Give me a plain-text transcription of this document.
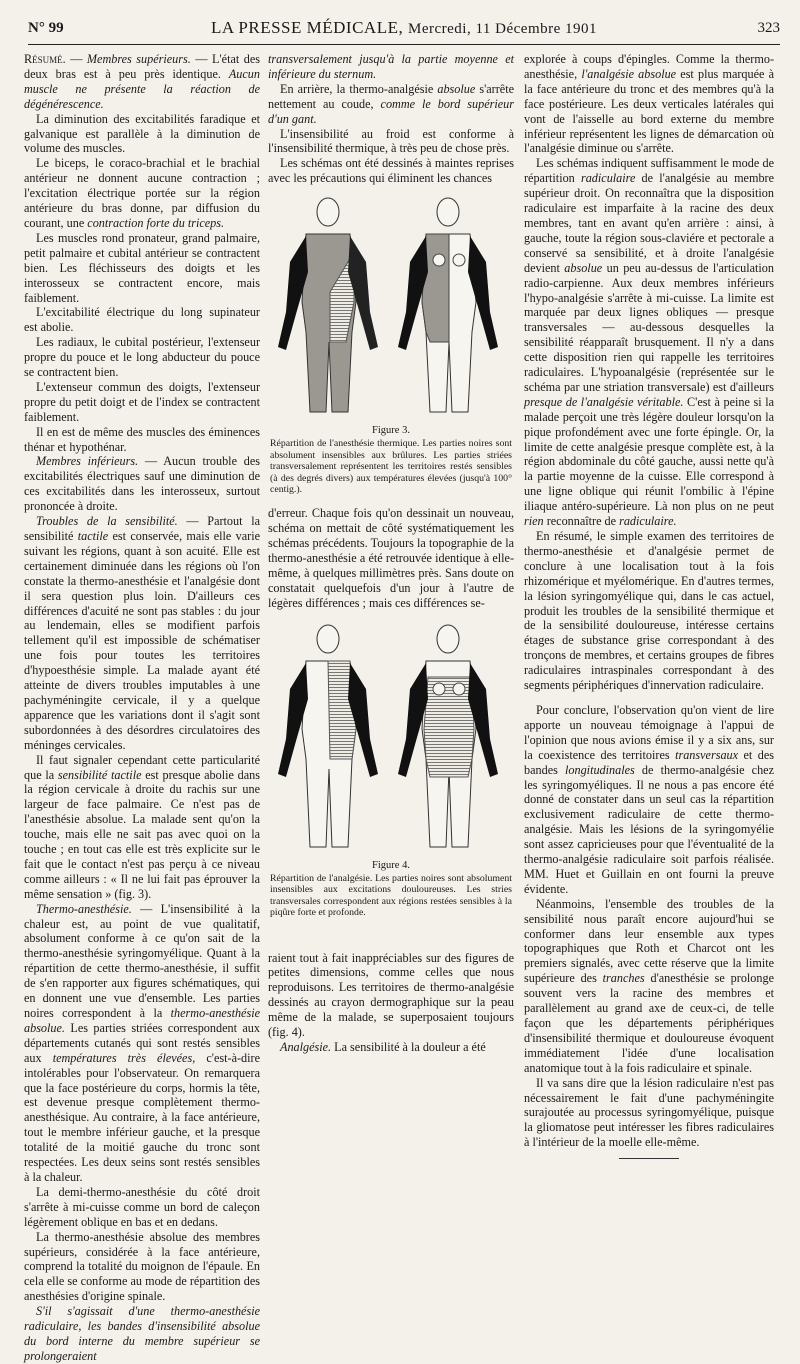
N° 99	LA PRESSE MÉDICALE, Mercredi, 11 Décembre 1901	323

Résumé. — Membres supérieurs. — L'état des deux bras est à peu près identique. Aucun muscle ne présente la réaction de dégénérescence.

La diminution des excitabilités faradique et galvanique est parallèle à la diminution de volume des muscles.

Le biceps, le coraco-brachial et le brachial antérieur ne donnent aucune contraction ; l'excitation électrique portée sur la région antérieure du bras donne, par diffusion du courant, une contraction forte du triceps.

Les muscles rond pronateur, grand palmaire, petit palmaire et cubital antérieur se contractent bien. Les fléchisseurs des doigts et les interosseux se contractent encore, mais faiblement.

L'excitabilité électrique du long supinateur est abolie.

Les radiaux, le cubital postérieur, l'extenseur propre du pouce et le long abducteur du pouce se contractent bien.

L'extenseur commun des doigts, l'extenseur propre du petit doigt et de l'index se contractent faiblement.

Il en est de même des muscles des éminences thénar et hypothénar.

Membres inférieurs. — Aucun trouble des excitabilités électriques sauf une diminution de ces excitabilités dans les interosseux, surtout prononcée à droite.

Troubles de la sensibilité. — Partout la sensibilité tactile est conservée, mais elle varie suivant les régions, quant à son acuité. Elle est certainement diminuée dans les régions où l'on constate la thermo-anesthésie et l'analgésie dont il sera question plus loin. D'ailleurs ces différences d'acuité ne sont pas stables : du jour au lendemain, elles se modifient parfois tellement qu'il est impossible de schématiser une fois pour toutes les territoires d'hypoesthésie simple. La malade ayant été atteinte de divers troubles imputables à une pachyméningite cervicale, il y a quelque apparence que les variations dont il s'agit sont subordonnées à des désordres circulatoires des méninges cervicales.

Il faut signaler cependant cette particularité que la sensibilité tactile est presque abolie dans la région cervicale à droite du rachis sur une largeur de face palmaire. Ce n'est pas de l'anesthésie absolue. La malade sent qu'on la touche, mais elle ne sait pas avec quoi on la touche ; en tout cas elle est très explicite sur le fait que le contact n'est pas perçu à ce niveau comme ailleurs : « Il ne lui fait pas éprouver la même sensation » (fig. 3).

Thermo-anesthésie. — L'insensibilité à la chaleur est, au point de vue qualitatif, absolument conforme à ce qu'on sait de la thermo-anesthésie syringomyélique. Quant à la répartition de cette thermo-anesthésie, il suffit de s'en rapporter aux figures schématiques, qui en donnent une vue d'ensemble. Les parties noires correspondent à la thermo-anesthésie absolue. Les parties striées correspondent aux départements cutanés qui sont restés sensibles aux températures très élevées, c'est-à-dire intolérables pour l'observateur. On remarquera que la face postérieure du corps, hormis la tête, est devenue presque complètement thermo-anesthésique. Au contraire, à la face antérieure, tout le membre inférieur gauche, et la presque totalité de la moitié gauche du tronc sont respectées. Les deux seins sont restés sensibles à la chaleur.

La demi-thermo-anesthésie du côté droit s'arrête à mi-cuisse comme un bord de caleçon légèrement oblique en bas et en dedans.

La thermo-anesthésie absolue des membres supérieurs, considérée à la face antérieure, comprend la totalité du moignon de l'épaule. En cela elle se conforme au mode de répartition des anesthésies d'origine spinale.

S'il s'agissait d'une thermo-anesthésie radiculaire, les bandes d'insensibilité absolue du bord interne du membre supérieur se prolongeraient

transversalement jusqu'à la partie moyenne et inférieure du sternum.

En arrière, la thermo-analgésie absolue s'arrête nettement au coude, comme le bord supérieur d'un gant.

L'insensibilité au froid est conforme à l'insensibilité thermique, à très peu de chose près.

Les schémas ont été dessinés à maintes reprises avec les précautions qui éliminent les chances

Figure 3.
Répartition de l'anesthésie thermique. Les parties noires sont absolument insensibles aux brûlures. Les parties striées transversalement représentent les territoires restés sensibles (à des degrés divers) aux températures élevées (jusqu'à 100° centig.).

d'erreur. Chaque fois qu'on dessinait un nouveau, schéma on mettait de côté systématiquement les schémas précédents. Toujours la topographie de la thermo-anesthésie a été retrouvée identique à elle-même, à quelques millimètres près. Sans doute on constatait quelquefois d'un jour à l'autre de légères différences ; mais ces différences se-

Figure 4.
Répartition de l'analgésie. Les parties noires sont absolument insensibles aux excitations douloureuses. Les stries transversales correspondent aux régions restées sensibles à la piqûre forte et profonde.

raient tout à fait inappréciables sur des figures de petites dimensions, comme celles que nous reproduisons. Les territoires de thermo-analgésie dessinés au crayon dermographique sur la peau même de la malade, se superposaient toujours (fig. 4).

Analgésie. La sensibilité à la douleur a été

explorée à coups d'épingles. Comme la thermo-anesthésie, l'analgésie absolue est plus marquée à la face antérieure du tronc et des membres qu'à la face postérieure. Les deux verticales latérales qui vont de l'aisselle au bord externe du membre inférieur représentent les lignes de démarcation où l'analgésie diminue ou s'arrête.

Les schémas indiquent suffisamment le mode de répartition radiculaire de l'analgésie au membre supérieur droit. On reconnaîtra que la disposition radiculaire est imparfaite à la racine des deux membres, tant en avant qu'en arrière : ainsi, à gauche, toute la région sous-claviére et pectorale a conservé sa sensibilité, et à droite l'analgésie devient absolue un peu au-dessus de l'articulation radio-carpienne. Aux deux membres inférieurs l'hypo-analgésie s'arrête à mi-cuisse. La limite est marquée par deux lignes obliques — presque transversales — au-dessous desquelles la sensibilité réapparaît brusquement. Il n'y a dans cette disposition rien qui rappelle les territoires radiculaires. L'hypoanalgésie (représentée sur le schéma par une striation transversale) est d'ailleurs presque de l'analgésie véritable. C'est à peine si la malade perçoit une très légère douleur lorsqu'on la pique profondément avec une forte épingle. Or, la limite de cette analgésie presque complète est, à la région abdominale du côté gauche, aussi nette qu'à la partie moyenne de la cuisse. Elle correspond à une ligne oblique qui réunit l'ombilic à l'épine iliaque antéro-supérieure. Là non plus on ne peut rien reconnaître de radiculaire.

En résumé, le simple examen des territoires de thermo-anesthésie et d'analgésie permet de conclure à une localisation tout à la fois rhizomérique et myélomérique. En d'autres termes, la lésion syringomyélique qui, dans le cas actuel, produit les troubles de la sensibilité thermique et de la sensibilité douloureuse, intéresse certains étages de substance grise correspondant à des tronçons de membres, et certains groupes de fibres radiculaires intraspinales correspondant à des segments périphériques d'innervation radiculaire.

Pour conclure, l'observation qu'on vient de lire apporte un nouveau témoignage à l'appui de l'opinion que nous avions émise il y a six ans, sur la coexistence des territoires transversaux et des bandes longitudinales de thermo-analgésie chez les syringomyéliques. Il ne nous a pas encore été donné de constater dans un seul cas la répartition exclusivement radiculaire de cette thermo-analgésie. Mais les lésions de la syringomyélie sont assez capricieuses pour que l'éventualité de la thermo-analgésie radiculaire soit parfois réalisée. MM. Huet et Guillain en ont fourni la preuve évidente.

Néanmoins, l'ensemble des troubles de la sensibilité nous paraît encore aujourd'hui se conformer dans leur ensemble aux types topographiques que Roth et Charcot ont les premiers signalés, avec cette réserve que la limite supérieure des tranches d'anesthésie se prolonge souvent vers la racine des membres et parallèlement au grand axe de ceux-ci, de telle façon que les départements périphériques d'insensibilité thermique et douloureuse évoquent immédiatement l'idée d'une localisation anatomique tout à la fois radiculaire et spinale.

Il va sans dire que la lésion radiculaire n'est pas nécessairement le fait d'une pachyméningite surajoutée au processus syringomyélique, puisque la gliomatose peut intéresser les fibres radiculaires à l'intérieur de la moelle elle-même.
